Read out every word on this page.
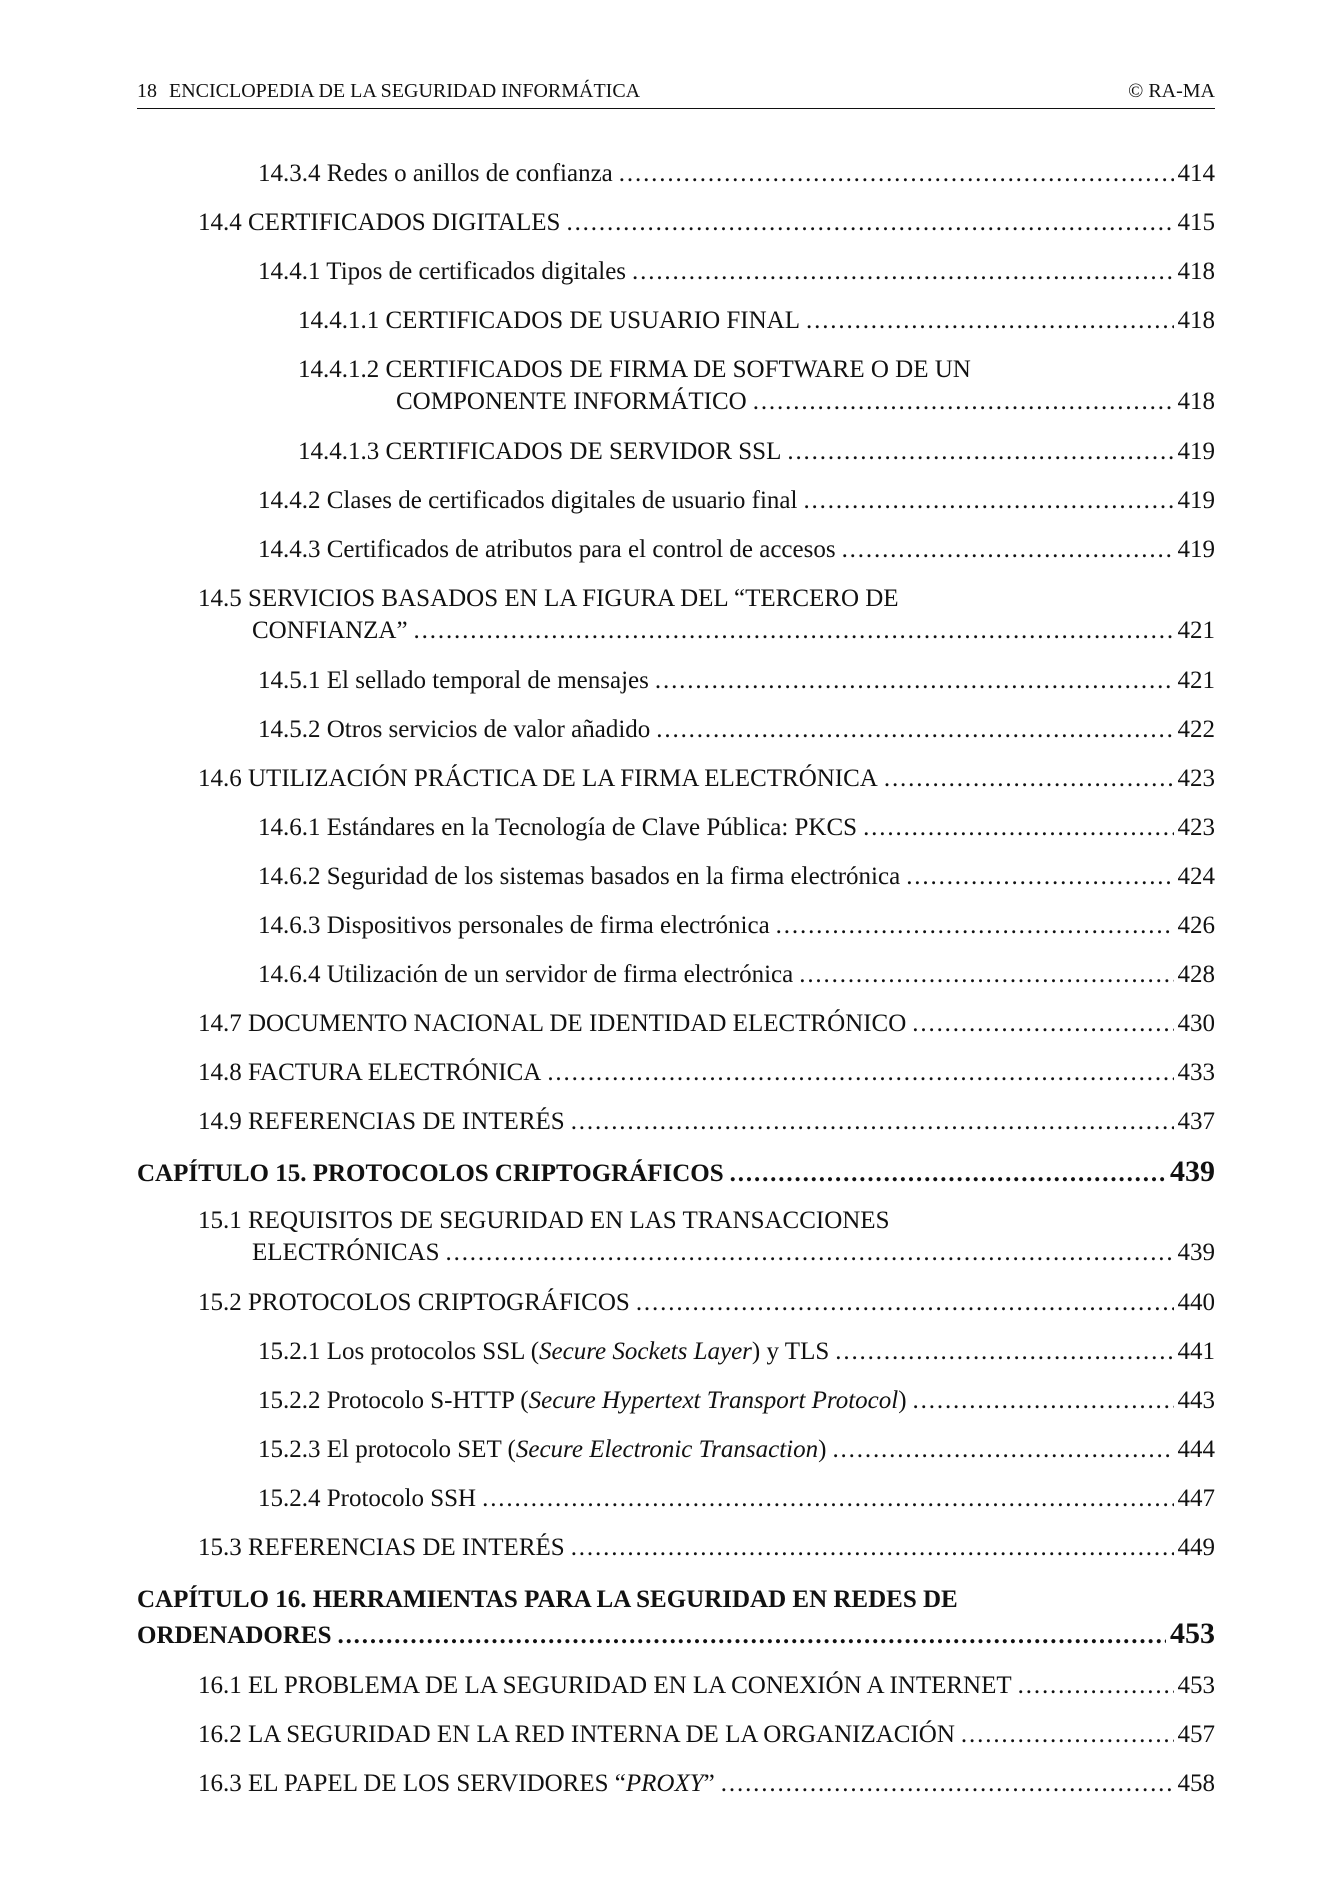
18 ENCICLOPEDIA DE LA SEGURIDAD INFORMÁTICA	© RA-MA
14.3.4 Redes o anillos de confianza . . .	414
14.4 CERTIFICADOS DIGITALES . . .	415
14.4.1 Tipos de certificados digitales . . .	418
14.4.1.1 CERTIFICADOS DE USUARIO FINAL . . .	418
14.4.1.2 CERTIFICADOS DE FIRMA DE SOFTWARE O DE UN
COMPONENTE INFORMÁTICO . . .	418
14.4.1.3 CERTIFICADOS DE SERVIDOR SSL . . .	419
14.4.2 Clases de certificados digitales de usuario final . . .	419
14.4.3 Certificados de atributos para el control de accesos . . .	419
14.5 SERVICIOS BASADOS EN LA FIGURA DEL “TERCERO DE
CONFIANZA” . . .	421
14.5.1 El sellado temporal de mensajes . . .	421
14.5.2 Otros servicios de valor añadido . . .	422
14.6 UTILIZACIÓN PRÁCTICA DE LA FIRMA ELECTRÓNICA . . .	423
14.6.1 Estándares en la Tecnología de Clave Pública: PKCS . . .	423
14.6.2 Seguridad de los sistemas basados en la firma electrónica . . .	424
14.6.3 Dispositivos personales de firma electrónica . . .	426
14.6.4 Utilización de un servidor de firma electrónica . . .	428
14.7 DOCUMENTO NACIONAL DE IDENTIDAD ELECTRÓNICO . . .	430
14.8 FACTURA ELECTRÓNICA . . .	433
14.9 REFERENCIAS DE INTERÉS . . .	437
CAPÍTULO 15. PROTOCOLOS CRIPTOGRÁFICOS . . .	439
15.1 REQUISITOS DE SEGURIDAD EN LAS TRANSACCIONES
ELECTRÓNICAS . . .	439
15.2 PROTOCOLOS CRIPTOGRÁFICOS . . .	440
15.2.1 Los protocolos SSL (Secure Sockets Layer) y TLS . . .	441
15.2.2 Protocolo S-HTTP (Secure Hypertext Transport Protocol) . . .	443
15.2.3 El protocolo SET (Secure Electronic Transaction) . . .	444
15.2.4 Protocolo SSH . . .	447
15.3 REFERENCIAS DE INTERÉS . . .	449
CAPÍTULO 16. HERRAMIENTAS PARA LA SEGURIDAD EN REDES DE
ORDENADORES . . .	453
16.1 EL PROBLEMA DE LA SEGURIDAD EN LA CONEXIÓN A INTERNET . . .	453
16.2 LA SEGURIDAD EN LA RED INTERNA DE LA ORGANIZACIÓN . . .	457
16.3 EL PAPEL DE LOS SERVIDORES “PROXY” . . .	458
